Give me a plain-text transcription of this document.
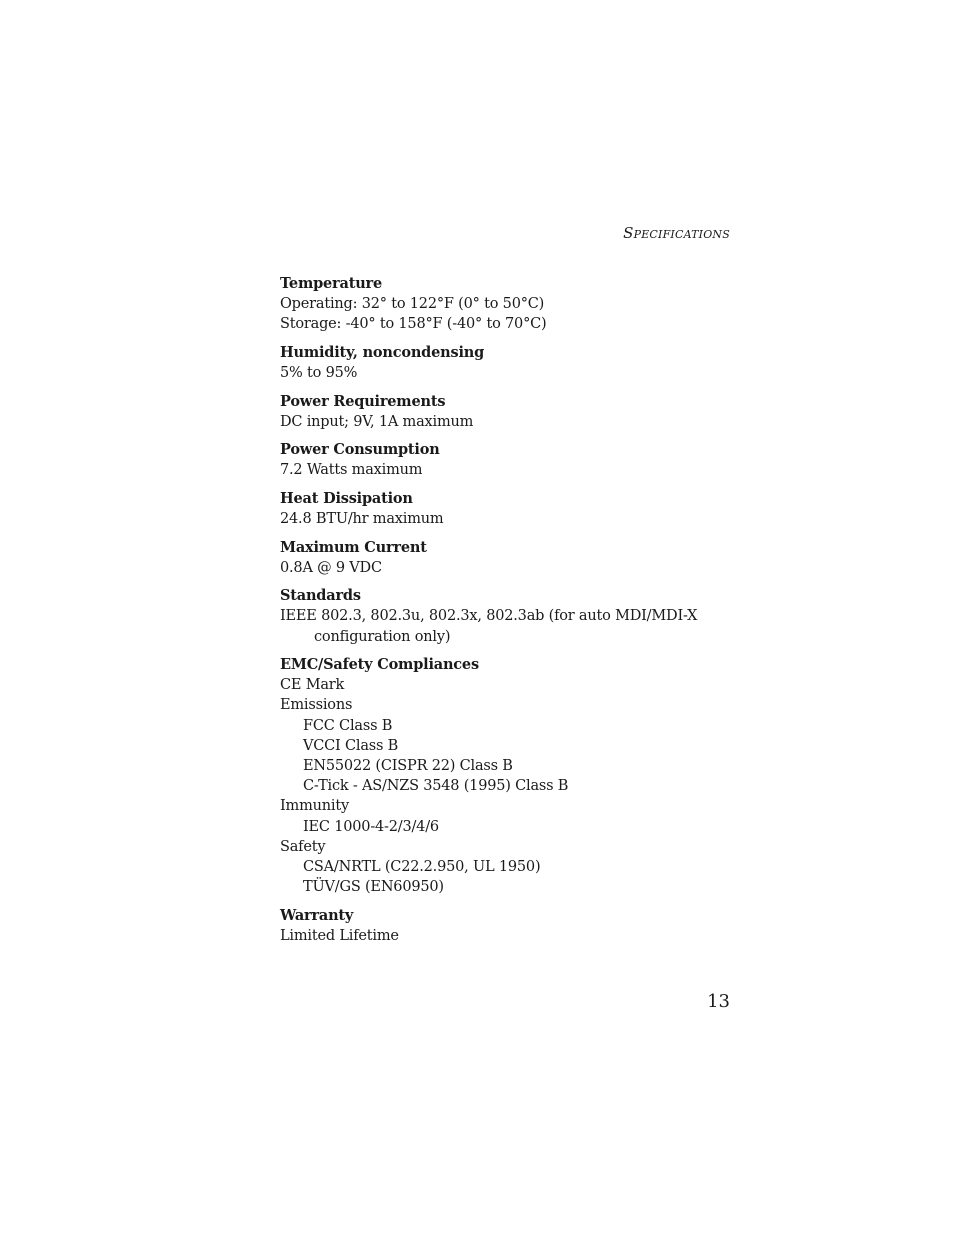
Specifications
Temperature
Operating: 32° to 122°F (0° to 50°C)
Storage: -40° to 158°F (-40° to 70°C)
Humidity, noncondensing
5% to 95%
Power Requirements
DC input; 9V, 1A maximum
Power Consumption
7.2 Watts maximum
Heat Dissipation
24.8 BTU/hr maximum
Maximum Current
0.8A @ 9 VDC
Standards
IEEE 802.3, 802.3u, 802.3x, 802.3ab (for auto MDI/MDI-X
configuration only)
EMC/Safety Compliances
CE Mark
Emissions
FCC Class B
VCCI Class B
EN55022 (CISPR 22) Class B
C-Tick - AS/NZS 3548 (1995) Class B
Immunity
IEC 1000-4-2/3/4/6
Safety
CSA/NRTL (C22.2.950, UL 1950)
TÜV/GS (EN60950)
Warranty
Limited Lifetime
13
